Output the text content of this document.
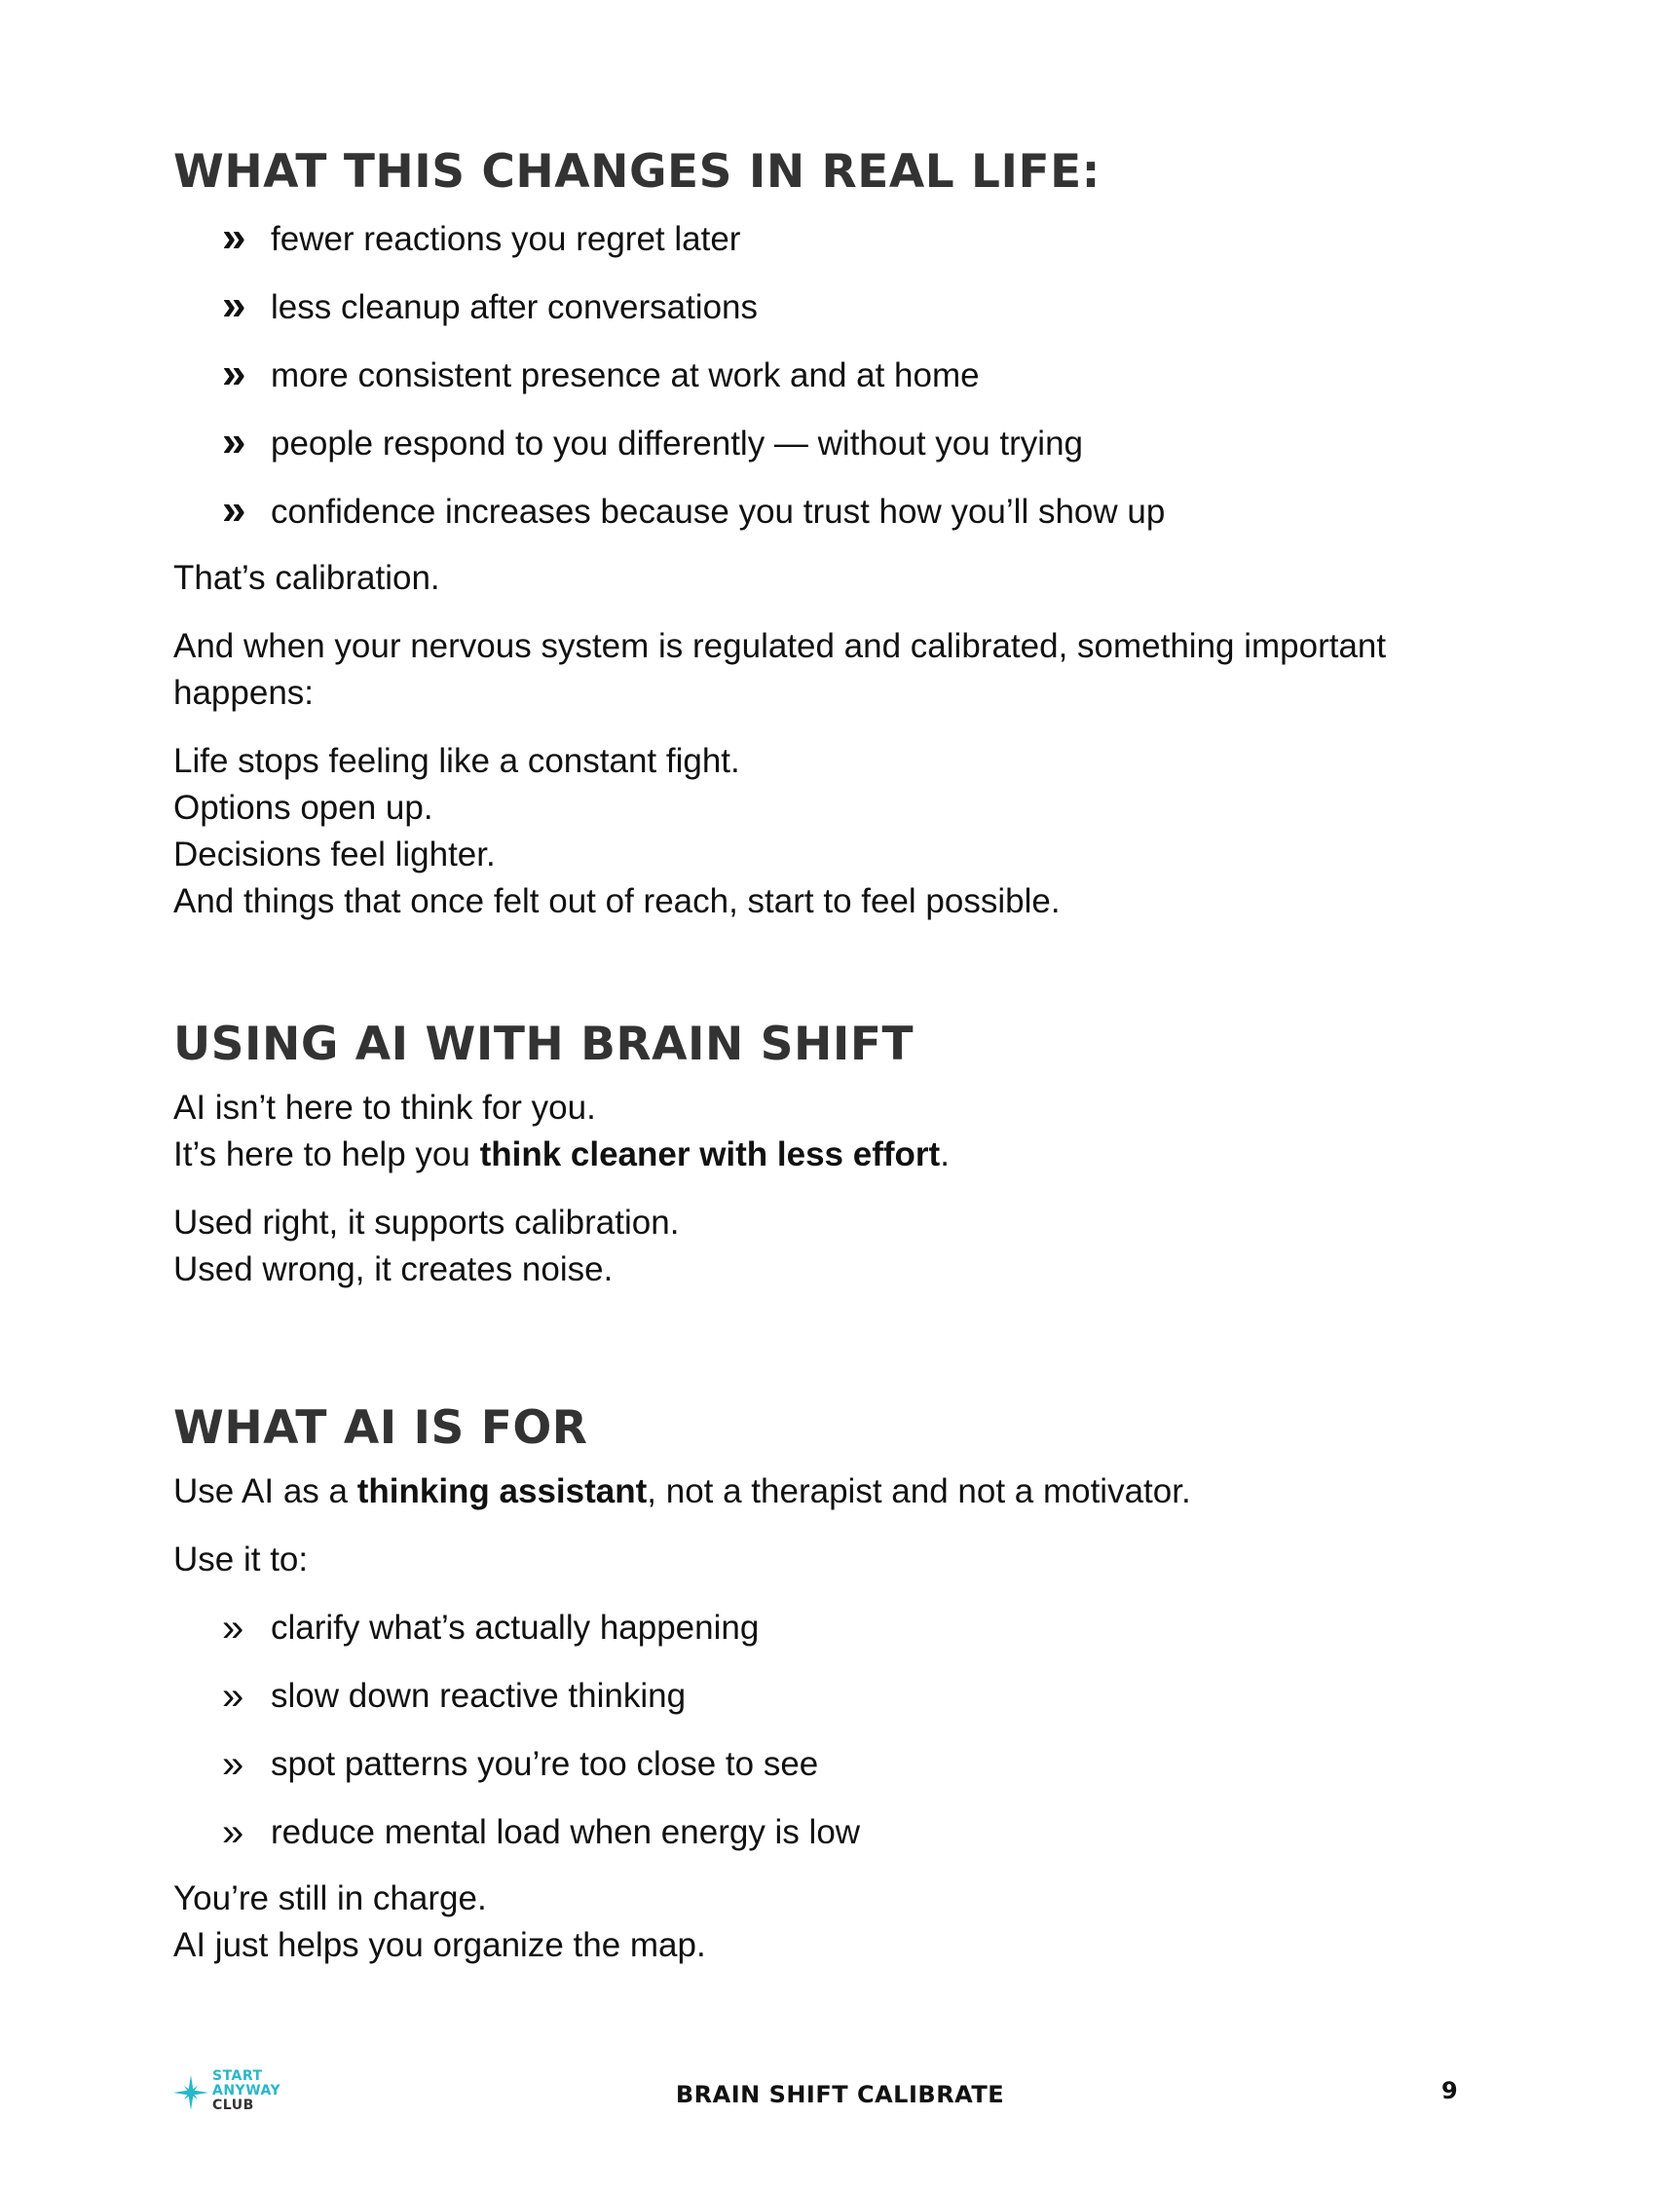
WHAT THIS CHANGES IN REAL LIFE:
» fewer reactions you regret later
» less cleanup after conversations
» more consistent presence at work and at home
» people respond to you differently — without you trying
» confidence increases because you trust how you’ll show up

That’s calibration.

And when your nervous system is regulated and calibrated, something important
happens:

Life stops feeling like a constant fight.
Options open up.
Decisions feel lighter.
And things that once felt out of reach, start to feel possible.

USING AI WITH BRAIN SHIFT

AI isn’t here to think for you.
It’s here to help you think cleaner with less effort.

Used right, it supports calibration.
Used wrong, it creates noise.

WHAT AI IS FOR

Use AI as a thinking assistant, not a therapist and not a motivator.

Use it to:

» clarify what’s actually happening
» slow down reactive thinking
» spot patterns you’re too close to see
» reduce mental load when energy is low

You’re still in charge.
AI just helps you organize the map.

START
ANYWAY
CLUB	BRAIN SHIFT CALIBRATE	9
